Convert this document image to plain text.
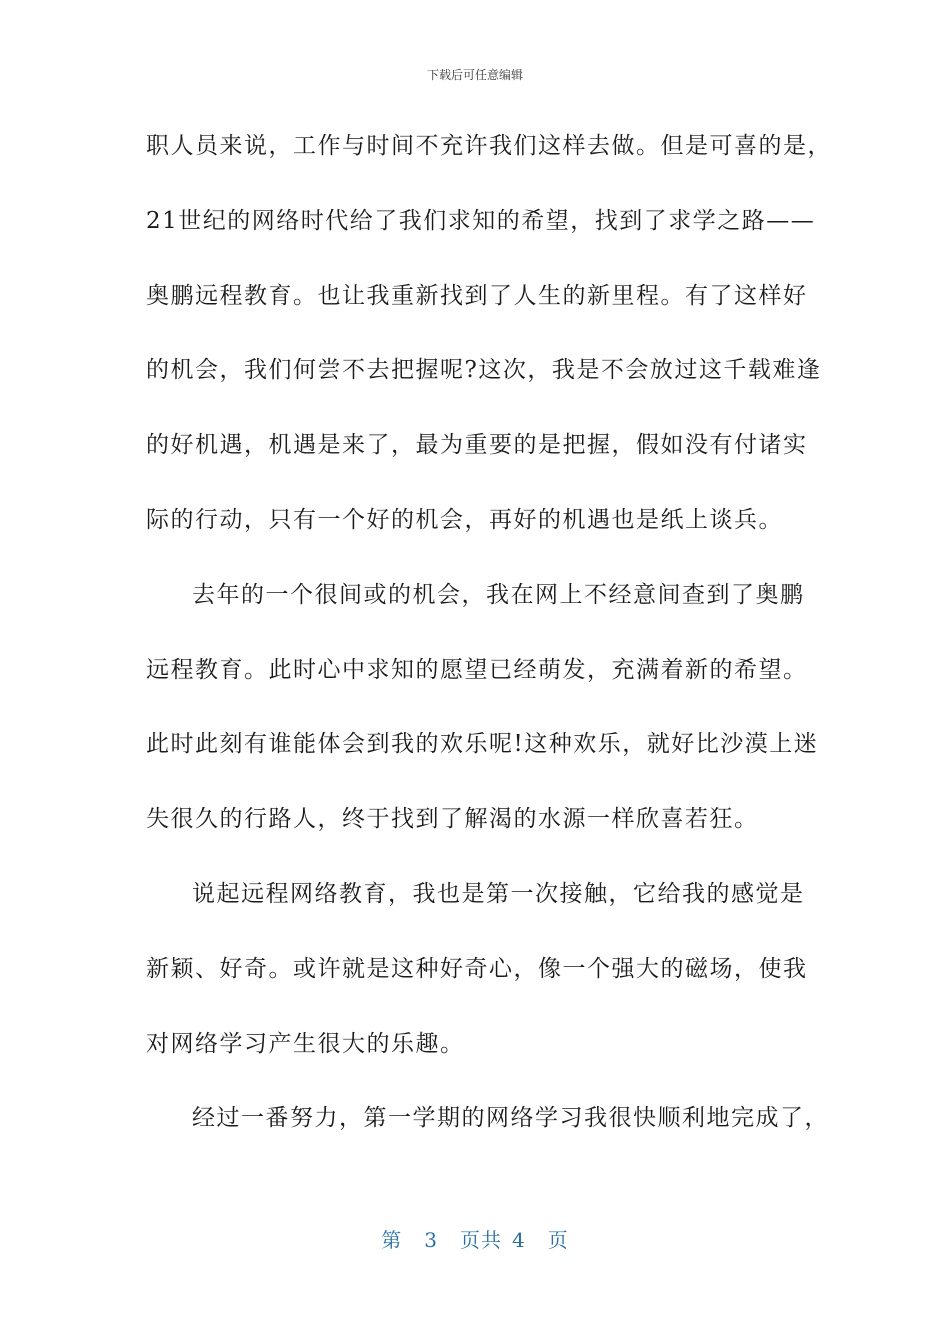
下载后可任意编辑
职人员来说，工作与时间不充许我们这样去做。但是可喜的是，
21世纪的网络时代给了我们求知的希望，找到了求学之路——
奥鹏远程教育。也让我重新找到了人生的新里程。有了这样好
的机会，我们何尝不去把握呢?这次，我是不会放过这千载难逢
的好机遇，机遇是来了，最为重要的是把握，假如没有付诸实
际的行动，只有一个好的机会，再好的机遇也是纸上谈兵。
去年的一个很间或的机会，我在网上不经意间查到了奥鹏
远程教育。此时心中求知的愿望已经萌发，充满着新的希望。
此时此刻有谁能体会到我的欢乐呢!这种欢乐，就好比沙漠上迷
失很久的行路人，终于找到了解渴的水源一样欣喜若狂。
说起远程网络教育，我也是第一次接触，它给我的感觉是
新颖、好奇。或许就是这种好奇心，像一个强大的磁场，使我
对网络学习产生很大的乐趣。
经过一番努力，第一学期的网络学习我很快顺利地完成了，
第 3 页共 4 页
